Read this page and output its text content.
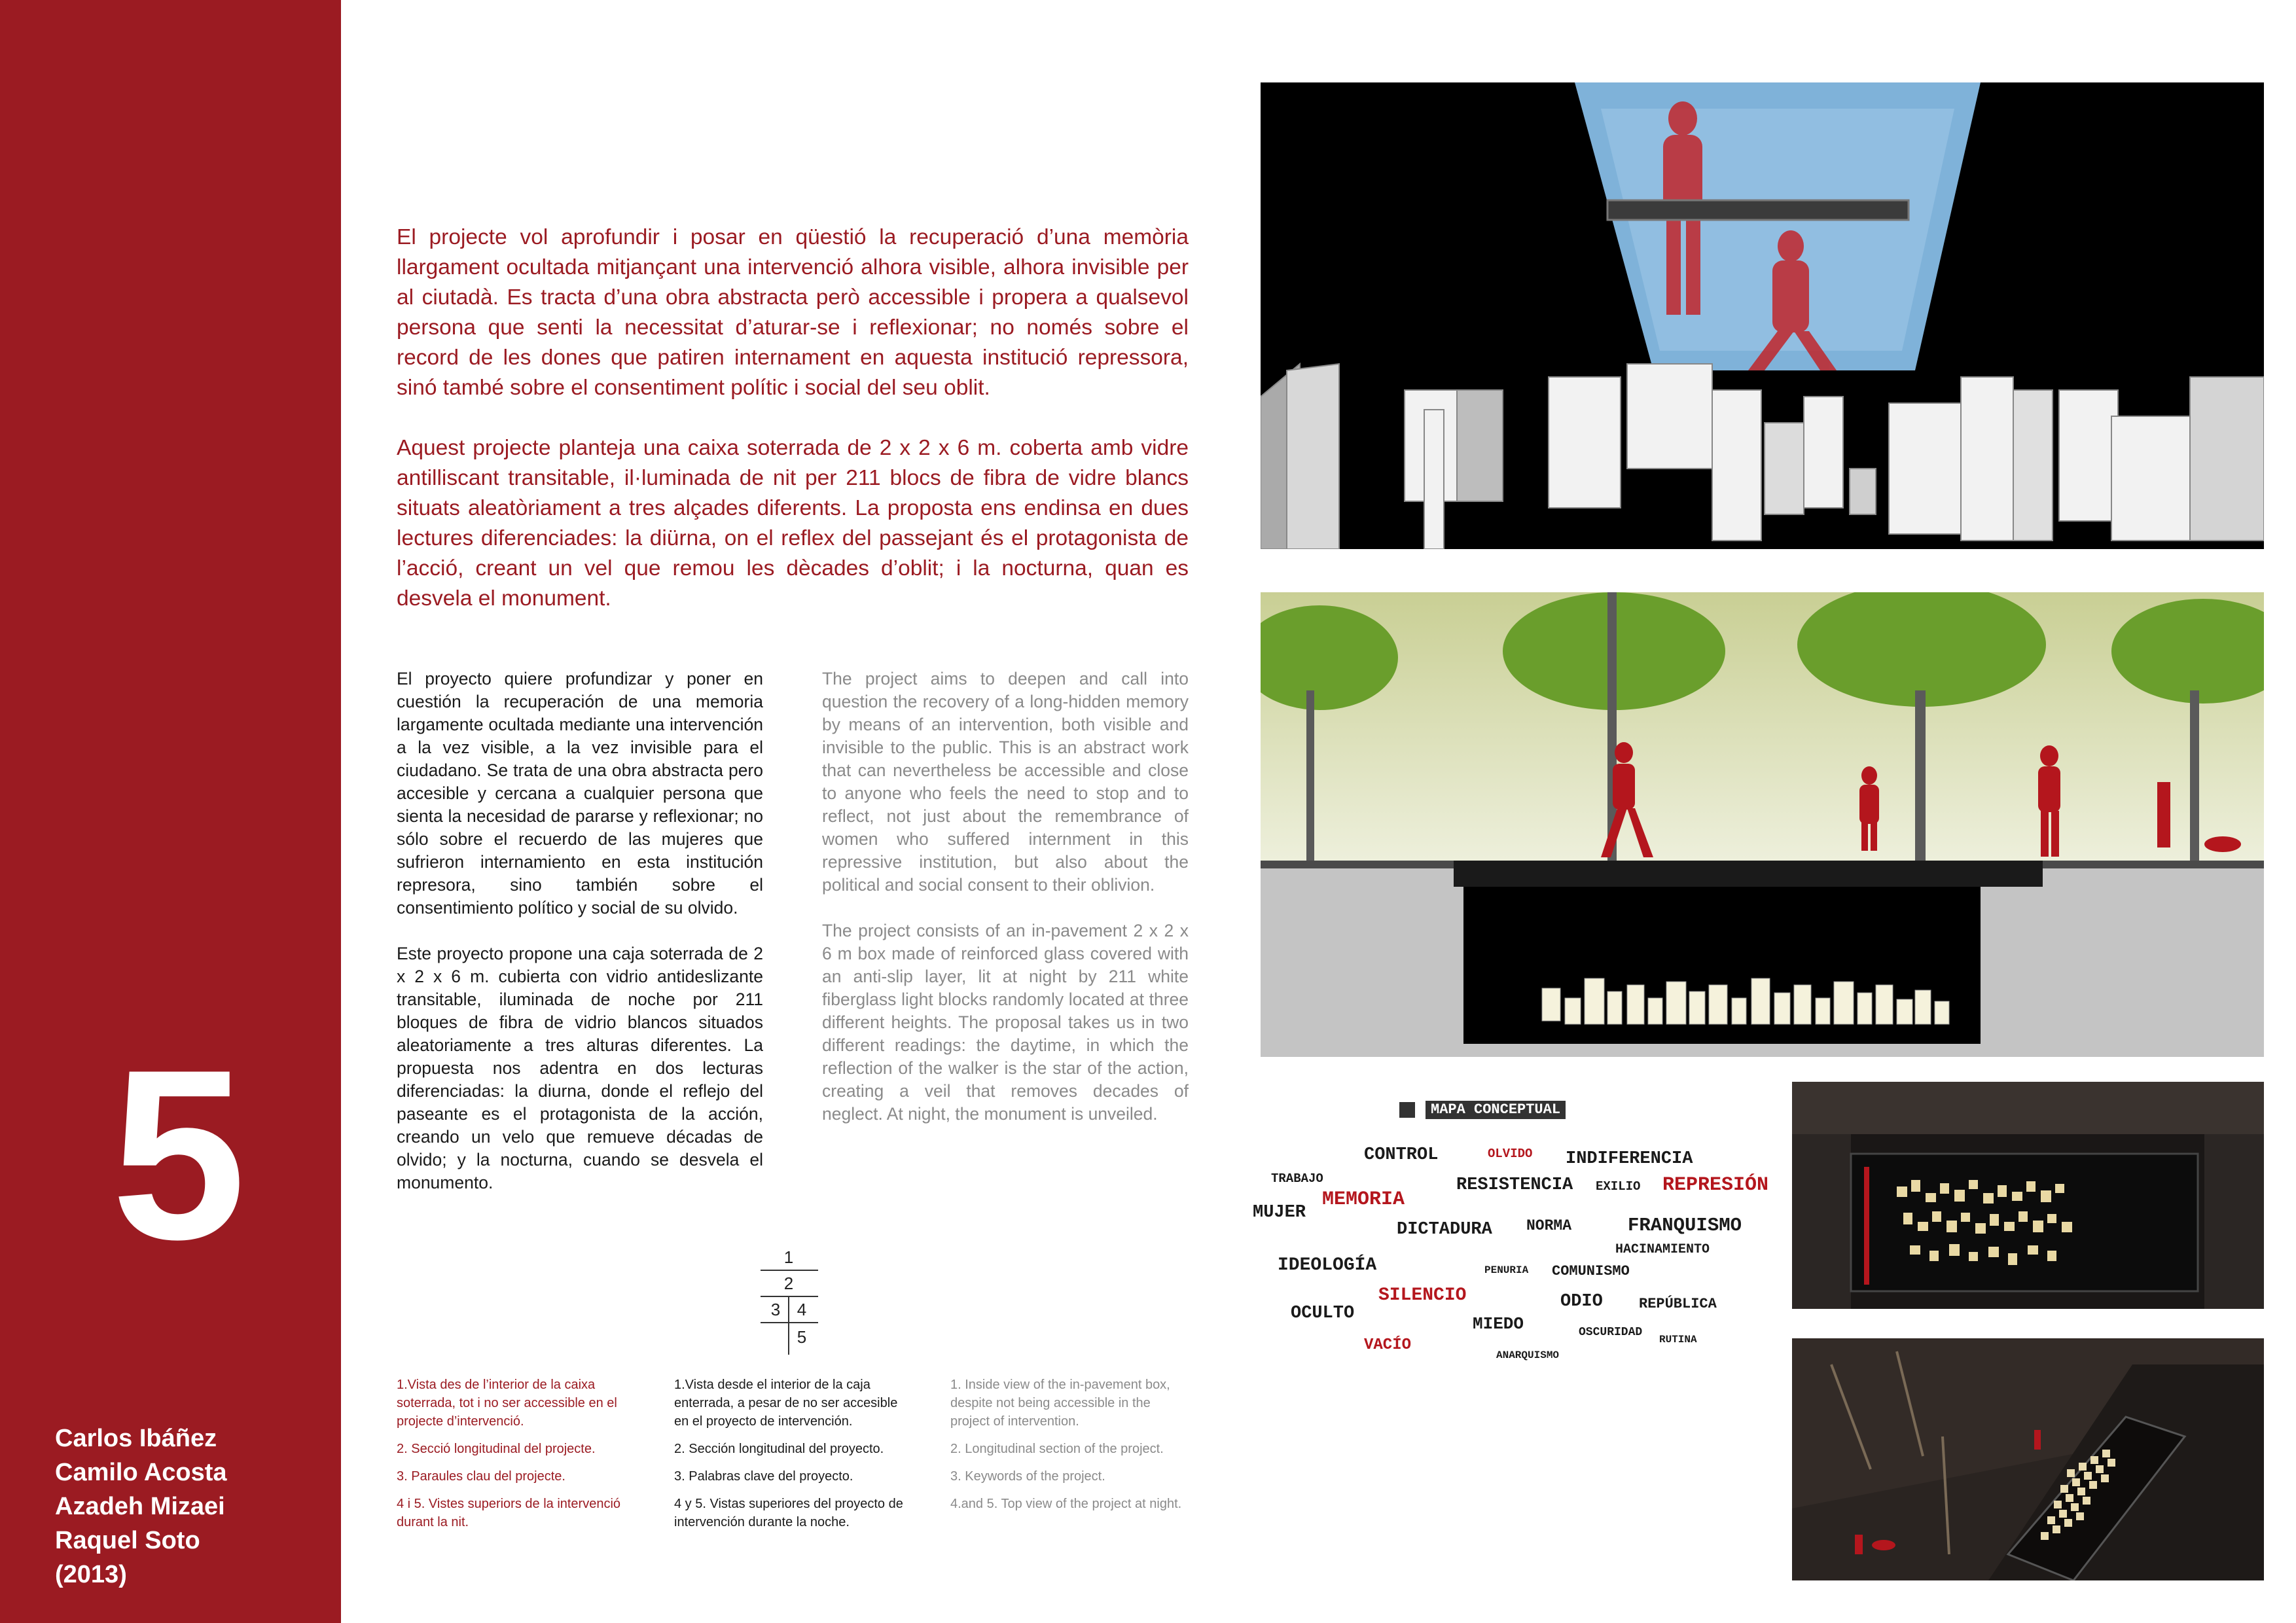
5
Carlos Ibáñez
Camilo Acosta
Azadeh Mizaei
Raquel Soto
(2013)

El projecte vol aprofundir i posar en qüestió la recuperació d’una memòria llargament ocultada mitjançant una intervenció alhora visible, alhora invisible per al ciutadà. Es tracta d’una obra abstracta però accessible i propera a qualsevol persona que senti la necessitat d’aturar-se i reflexionar; no només sobre el record de les dones que patiren internament en aquesta institució repressora, sinó també sobre el consentiment polític i social del seu oblit.

Aquest projecte planteja una caixa soterrada de 2 x 2 x 6 m. coberta amb vidre antilliscant transitable, il·luminada de nit per 211 blocs de fibra de vidre blancs situats aleatòriament a tres alçades diferents. La proposta ens endinsa en dues lectures diferenciades: la diürna, on el reflex del passejant és el protagonista de l’acció, creant un vel que remou les dècades d’oblit; i la nocturna, quan es desvela el monument.

El proyecto quiere profundizar y poner en cuestión la recuperación de una memoria largamente ocultada mediante una intervención a la vez visible, a la vez invisible para el ciudadano. Se trata de una obra abstracta pero accesible y cercana a cualquier persona que sienta la necesidad de pararse y reflexionar; no sólo sobre el recuerdo de las mujeres que sufrieron internamiento en esta institución represora, sino también sobre el consentimiento político y social de su olvido.

Este proyecto propone una caja soterrada de 2 x 2 x 6 m. cubierta con vidrio antideslizante transitable, iluminada de noche por 211 bloques de fibra de vidrio blancos situados aleatoriamente a tres alturas diferentes. La propuesta nos adentra en dos lecturas diferenciadas: la diurna, donde el reflejo del paseante es el protagonista de la acción, creando un velo que remueve décadas de olvido; y la nocturna, cuando se desvela el monumento.

The project aims to deepen and call into question the recovery of a long-hidden memory by means of an intervention, both visible and invisible to the public. This is an abstract work that can nevertheless be accessible and close to anyone who feels the need to stop and to reflect, not just about the remembrance of women who suffered internment in this repressive institution, but also about the political and social consent to their oblivion.

The project consists of an in-pavement 2 x 2 x 6 m box made of reinforced glass covered with an anti-slip layer, lit at night by 211 white fiberglass light blocks randomly located at three different heights. The proposal takes us in two different readings: the daytime, in which the reflection of the walker is the star of the action, creating a veil that removes decades of neglect. At night, the monument is unveiled.

1
2
3 4
5
1.Vista des de l’interior de la caixa soterrada, tot i no ser accessible en el projecte d’intervenció.
2. Secció longitudinal del projecte.
3. Paraules clau del projecte.
4 i 5. Vistes superiors de la intervenció durant la nit.
1.Vista desde el interior de la caja enterrada, a pesar de no ser accesible en el proyecto de intervención.
2. Sección longitudinal del proyecto.
3. Palabras clave del proyecto.
4 y 5. Vistas superiores del proyecto de intervención durante la noche.
1. Inside view of the in-pavement box, despite not being accessible in the project of intervention.
2. Longitudinal section of the project.
3. Keywords of the project.
4.and 5. Top view of the project at night.
MAPA CONCEPTUAL
CONTROL	OLVIDO INDIFERENCIA
TRABAJO	RESISTENCIA EXILIO REPRESIÓN
MUJER
MEMORIA
DICTADURA NORMA	FRANQUISMO
HACINAMIENTO
IDEOLOGÍA	PENURIA COMUNISMO
SILENCIO	ODIO	REPÚBLICA
OCULTO
MIEDO	OSCURIDAD
RUTINA
VACÍO
ANARQUISMO
